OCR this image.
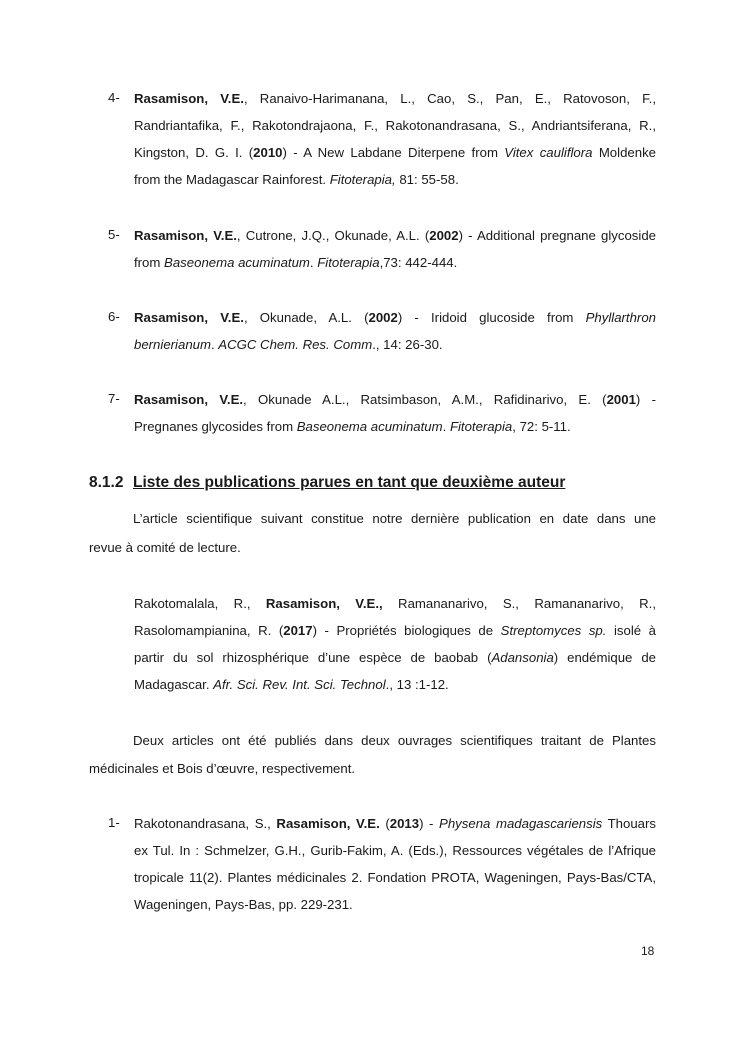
4-	Rasamison, V.E., Ranaivo-Harimanana, L., Cao, S., Pan, E., Ratovoson, F.,
Randriantafika, F., Rakotondrajaona, F., Rakotonandrasana, S., Andriantsiferana, R.,
Kingston, D. G. I. (2010) - A New Labdane Diterpene from Vitex cauliflora Moldenke
from the Madagascar Rainforest. Fitoterapia, 81: 55-58.
5-	Rasamison, V.E., Cutrone, J.Q., Okunade, A.L. (2002) - Additional pregnane glycoside
from Baseonema acuminatum. Fitoterapia,73: 442-444.
6-	Rasamison, V.E., Okunade, A.L. (2002) - Iridoid glucoside from Phyllarthron
bernierianum. ACGC Chem. Res. Comm., 14: 26-30.
7-	Rasamison, V.E., Okunade A.L., Ratsimbason, A.M., Rafidinarivo, E. (2001) -
Pregnanes glycosides from Baseonema acuminatum. Fitoterapia, 72: 5-11.
8.1.2 Liste des publications parues en tant que deuxième auteur
L’article scientifique suivant constitue notre dernière publication en date dans une
revue à comité de lecture.
Rakotomalala, R., Rasamison, V.E., Ramananarivo, S., Ramananarivo, R.,
Rasolomampianina, R. (2017) - Propriétés biologiques de Streptomyces sp. isolé à
partir du sol rhizosphérique d’une espèce de baobab (Adansonia) endémique de
Madagascar. Afr. Sci. Rev. Int. Sci. Technol., 13 :1-12.
Deux articles ont été publiés dans deux ouvrages scientifiques traitant de Plantes
médicinales et Bois d’œuvre, respectivement.
1-	Rakotonandrasana, S., Rasamison, V.E. (2013) - Physena madagascariensis Thouars
ex Tul. In : Schmelzer, G.H., Gurib-Fakim, A. (Eds.), Ressources végétales de l’Afrique
tropicale 11(2). Plantes médicinales 2. Fondation PROTA, Wageningen, Pays-Bas/CTA,
Wageningen, Pays-Bas, pp. 229-231.
18
